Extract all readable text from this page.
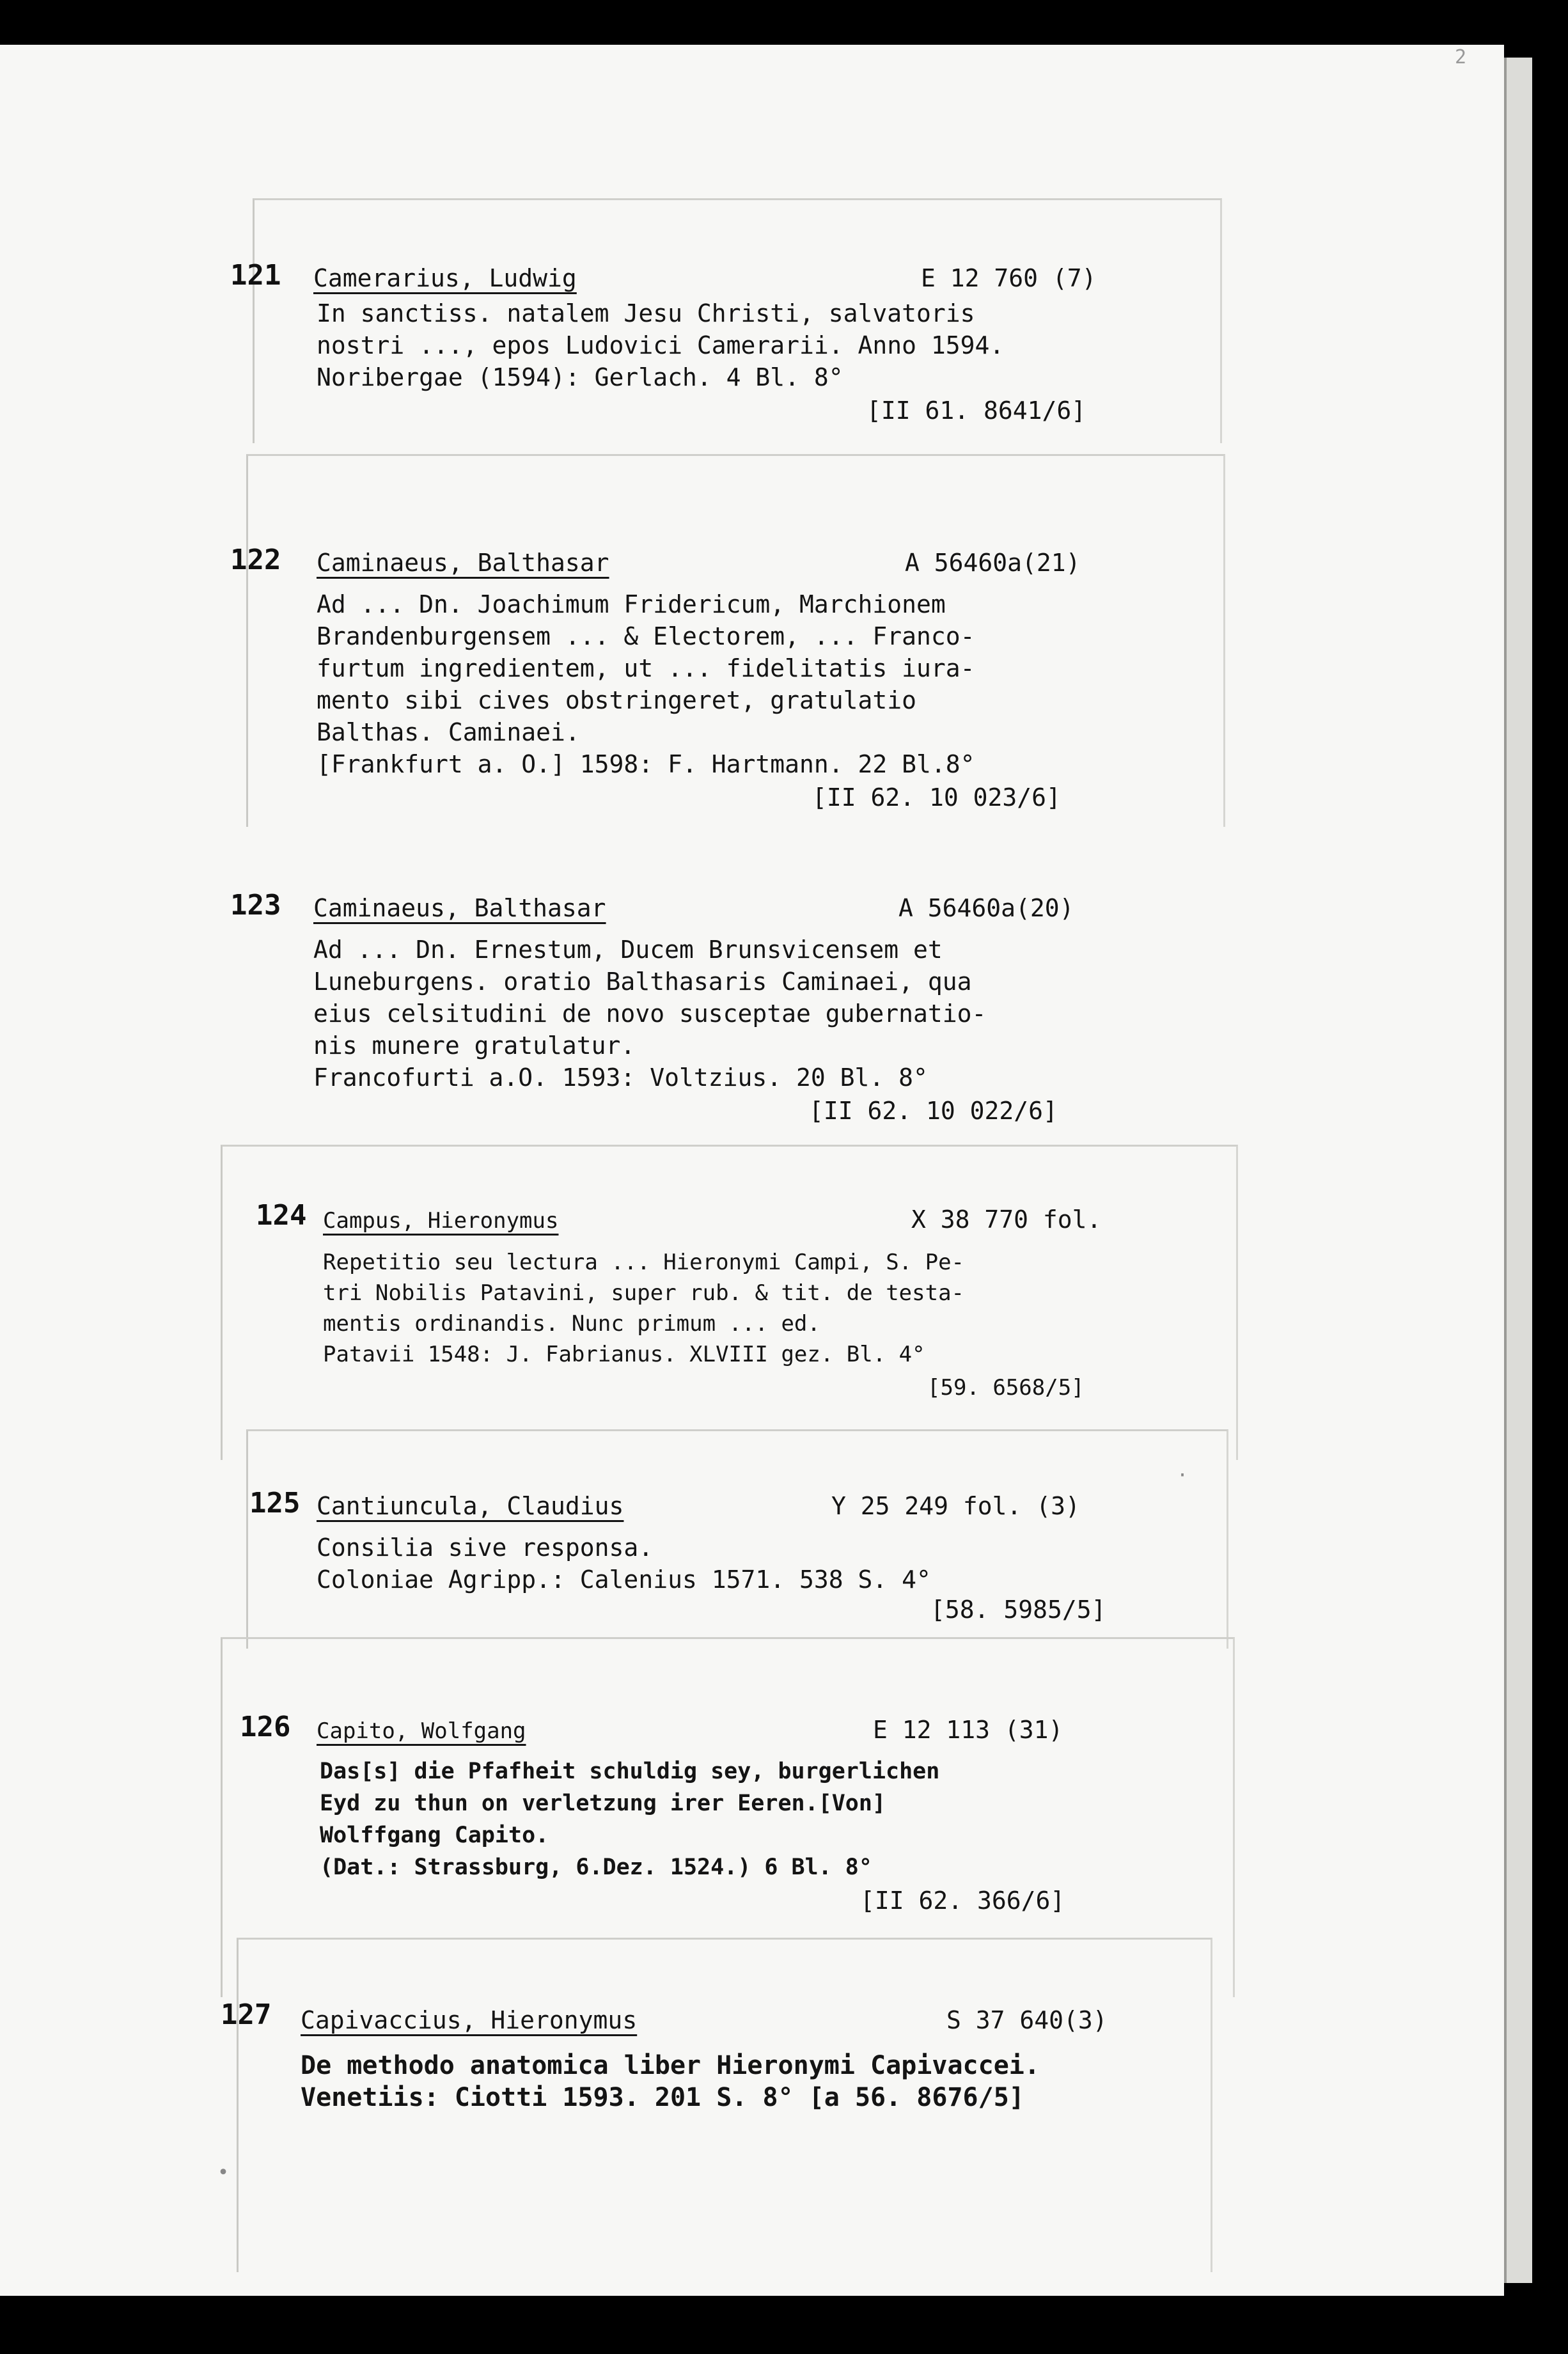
2
121 Camerarius, Ludwig	E 12 760 (7)
In sanctiss. natalem Jesu Christi, salvatoris
nostri ..., epos Ludovici Camerarii. Anno 1594.
Noribergae (1594): Gerlach. 4 Bl. 8°
[II 61. 8641/6]
122 Caminaeus, Balthasar	A 56460a(21)
Ad ... Dn. Joachimum Fridericum, Marchionem
Brandenburgensem ... & Electorem, ... Franco-
furtum ingredientem, ut ... fidelitatis iura-
mento sibi cives obstringeret, gratulatio
Balthas. Caminaei.
[Frankfurt a. O.] 1598: F. Hartmann. 22 Bl.8°
[II 62. 10 023/6]
123 Caminaeus, Balthasar	A 56460a(20)
Ad ... Dn. Ernestum, Ducem Brunsvicensem et
Luneburgens. oratio Balthasaris Caminaei, qua
eius celsitudini de novo susceptae gubernatio-
nis munere gratulatur.
Francofurti a.O. 1593: Voltzius. 20 Bl. 8°
[II 62. 10 022/6]
124 Campus, Hieronymus	X 38 770 fol.
Repetitio seu lectura ... Hieronymi Campi, S. Pe-
tri Nobilis Patavini, super rub. & tit. de testa-
mentis ordinandis. Nunc primum ... ed.
Patavii 1548: J. Fabrianus. XLVIII gez. Bl. 4°
[59. 6568/5]
125 Cantiuncula, Claudius	Y 25 249 fol. (3)
Consilia sive responsa.
Coloniae Agripp.: Calenius 1571. 538 S. 4°
[58. 5985/5]
126 Capito, Wolfgang	E 12 113 (31)
Das[s] die Pfafheit schuldig sey, burgerlichen
Eyd zu thun on verletzung irer Eeren.[Von]
Wolffgang Capito.
(Dat.: Strassburg, 6.Dez. 1524.) 6 Bl. 8°
[II 62. 366/6]
127 Capivaccius, Hieronymus	S 37 640(3)
De methodo anatomica liber Hieronymi Capivaccei.
Venetiis: Ciotti 1593. 201 S. 8° [a 56. 8676/5]
•
·
